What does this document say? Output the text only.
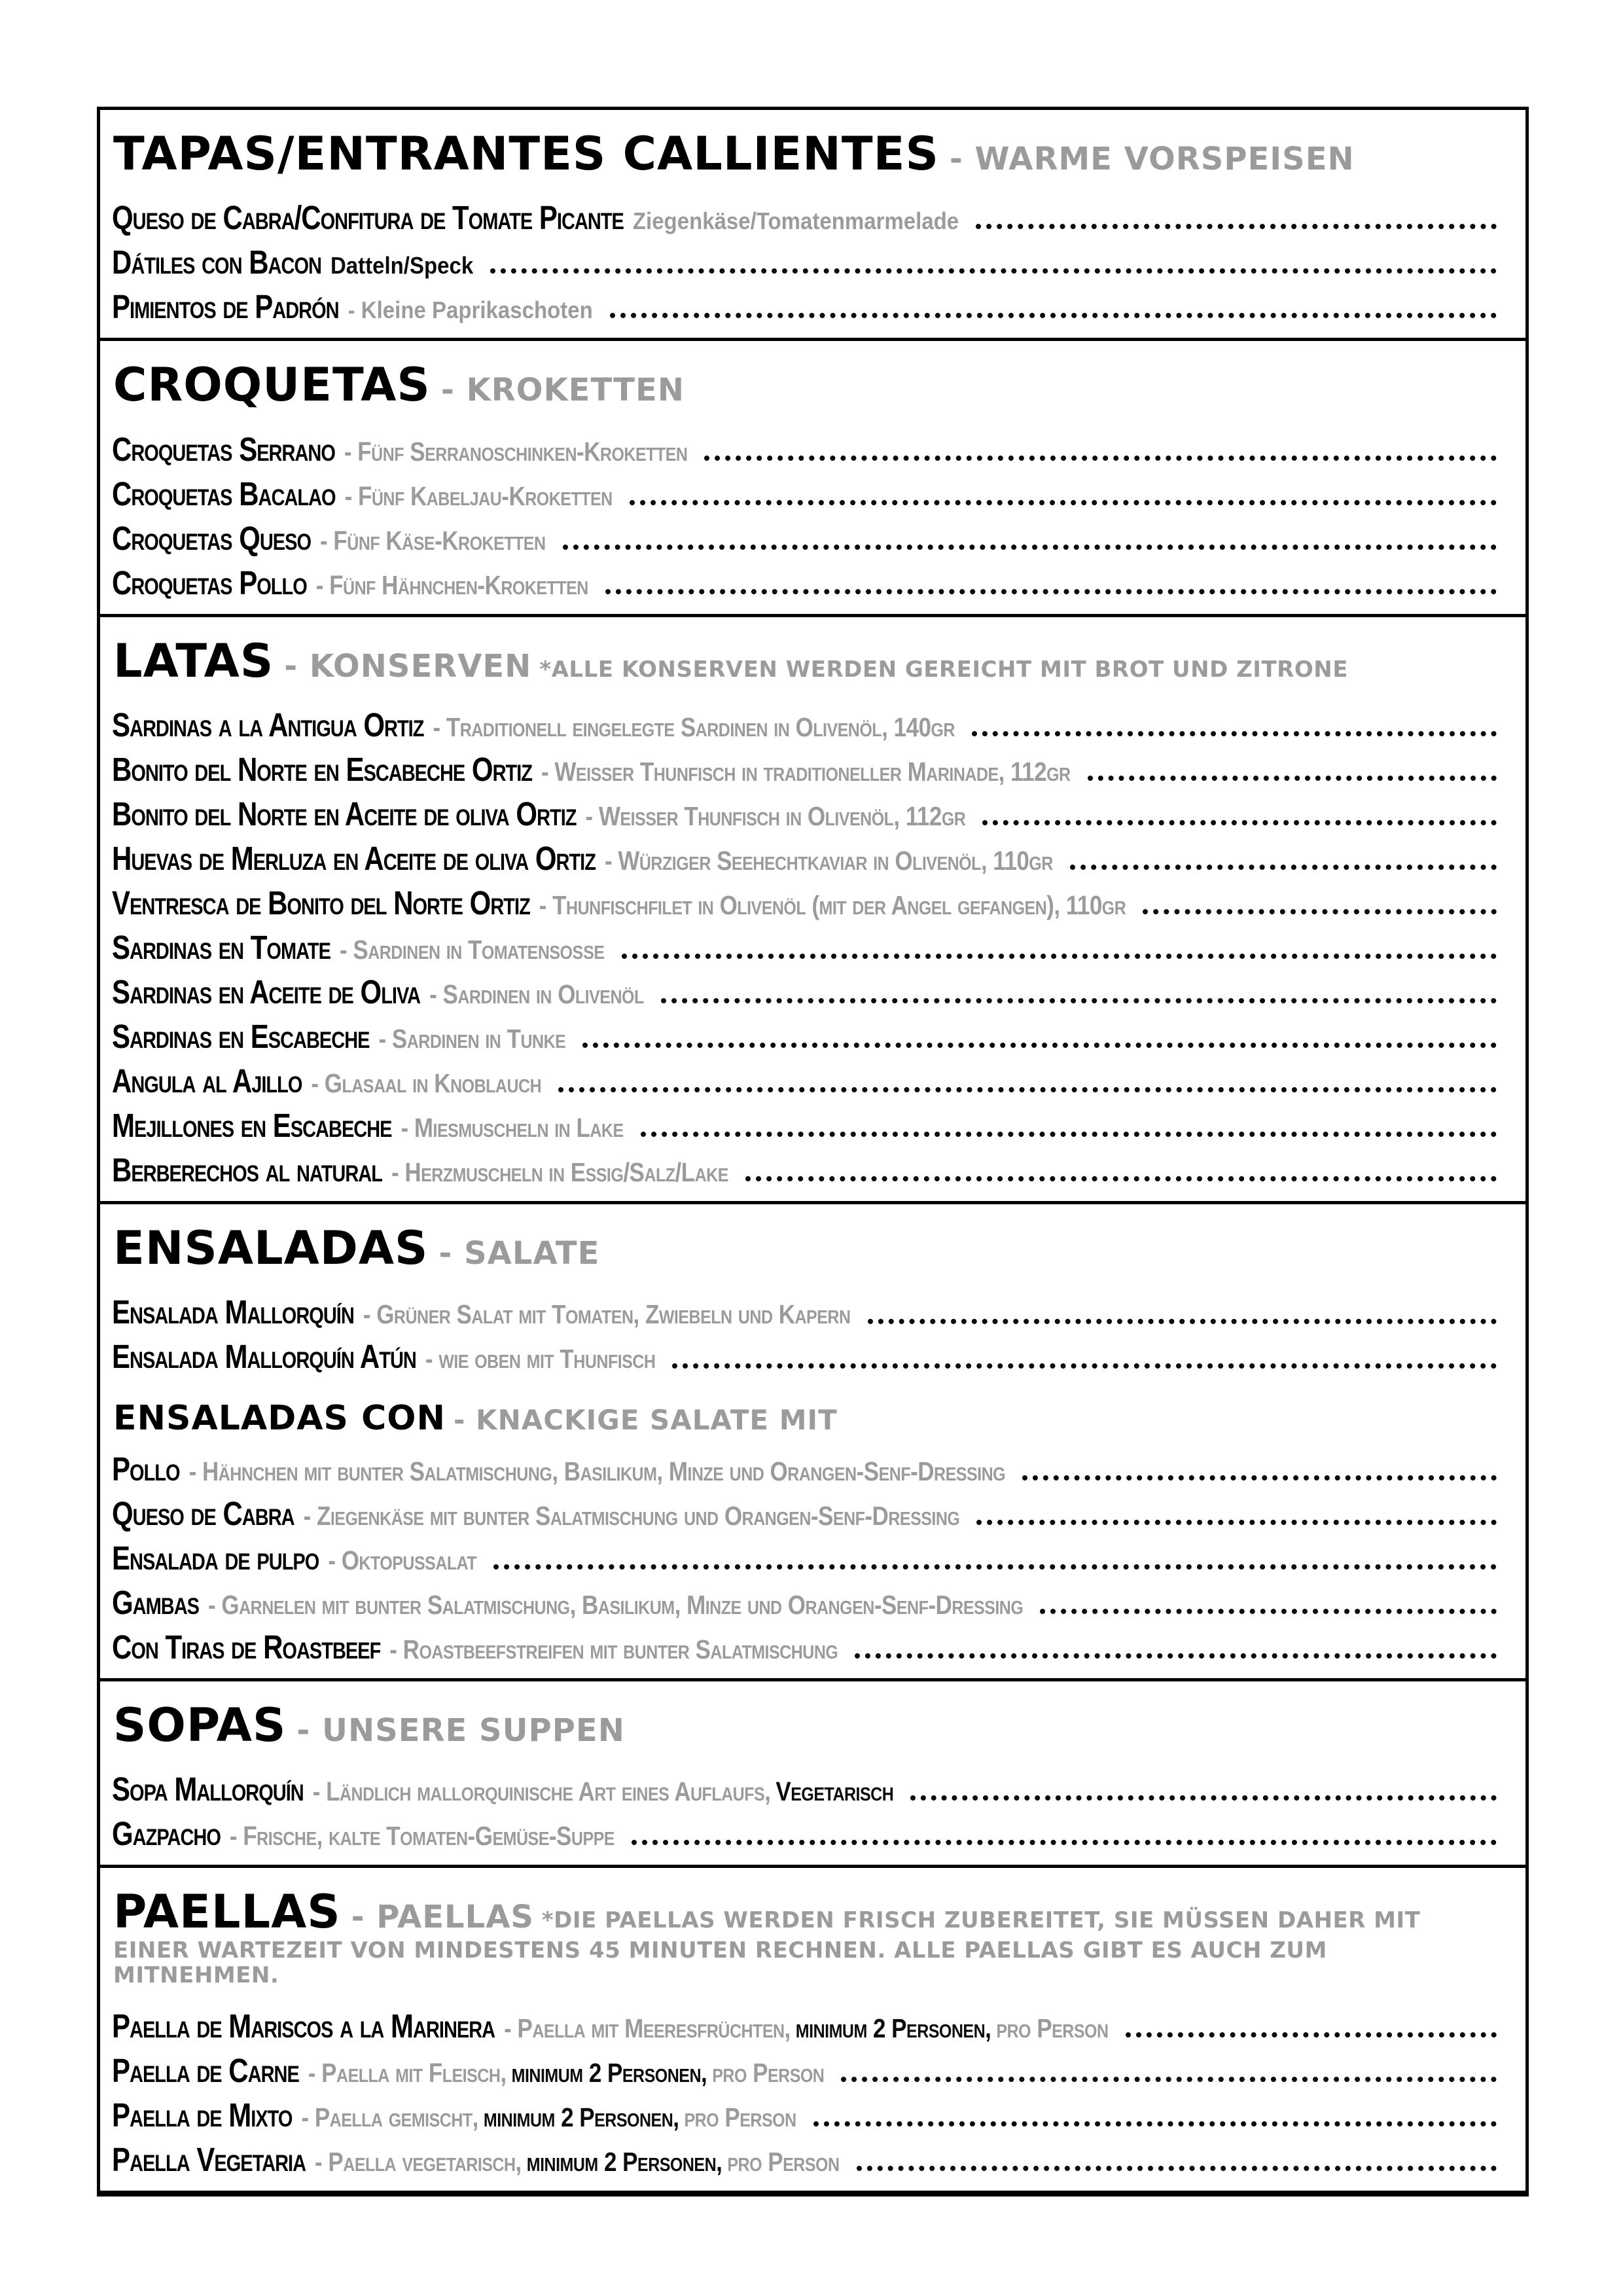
TAPAS/ENTRANTES CALLIENTES - WARME VORSPEISEN
Queso de Cabra/Confitura de Tomate Picante Ziegenkäse/Tomatenmarmelade
Dátiles con Bacon Datteln/Speck
Pimientos de Padrón - Kleine Paprikaschoten
CROQUETAS - KROKETTEN
Croquetas Serrano - Fünf Serranoschinken-Kroketten
Croquetas Bacalao - Fünf Kabeljau-Kroketten
Croquetas Queso - Fünf Käse-Kroketten
Croquetas Pollo - Fünf Hähnchen-Kroketten
LATAS - KONSERVEN *ALLE KONSERVEN WERDEN GEREICHT MIT BROT UND ZITRONE
Sardinas a la Antigua Ortiz - Traditionell eingelegte Sardinen in Olivenöl, 140gr
Bonito del Norte en Escabeche Ortiz - Weisser Thunfisch in traditioneller Marinade, 112gr
Bonito del Norte en Aceite de oliva Ortiz - Weisser Thunfisch in Olivenöl, 112gr
Huevas de Merluza en Aceite de oliva Ortiz - Würziger Seehechtkaviar in Olivenöl, 110gr
Ventresca de Bonito del Norte Ortiz - Thunfischfilet in Olivenöl (mit der Angel gefangen), 110gr
Sardinas en Tomate - Sardinen in Tomatensoße
Sardinas en Aceite de Oliva - Sardinen in Olivenöl
Sardinas en Escabeche - Sardinen in Tunke
Angula al Ajillo - Glasaal in Knoblauch
Mejillones en Escabeche - Miesmuscheln in Lake
Berberechos al natural - Herzmuscheln in Essig/Salz/Lake
ENSALADAS - SALATE
Ensalada Mallorquín - Grüner Salat mit Tomaten, Zwiebeln und Kapern
Ensalada Mallorquín Atún - wie oben mit Thunfisch
ENSALADAS CON - KNACKIGE SALATE MIT
Pollo - Hähnchen mit bunter Salatmischung, Basilikum, Minze und Orangen-Senf-Dressing
Queso de Cabra - Ziegenkäse mit bunter Salatmischung und Orangen-Senf-Dressing
Ensalada de pulpo - Oktopussalat
Gambas - Garnelen mit bunter Salatmischung, Basilikum, Minze und Orangen-Senf-Dressing
Con Tiras de Roastbeef - Roastbeefstreifen mit bunter Salatmischung
SOPAS - UNSERE SUPPEN
Sopa Mallorquín - Ländlich mallorquinische Art eines Auflaufs, Vegetarisch
Gazpacho - Frische, kalte Tomaten-Gemüse-Suppe
PAELLAS - PAELLAS *DIE PAELLAS WERDEN FRISCH ZUBEREITET, SIE MÜSSEN DAHER MIT EINER WARTEZEIT VON MINDESTENS 45 MINUTEN RECHNEN. ALLE PAELLAS GIBT ES AUCH ZUM MITNEHMEN.
Paella de Mariscos a la Marinera - Paella mit Meeresfrüchten, minimum 2 Personen, pro Person
Paella de Carne - Paella mit Fleisch, minimum 2 Personen, pro Person
Paella de Mixto - Paella gemischt, minimum 2 Personen, pro Person
Paella Vegetaria - Paella vegetarisch, minimum 2 Personen, pro Person
